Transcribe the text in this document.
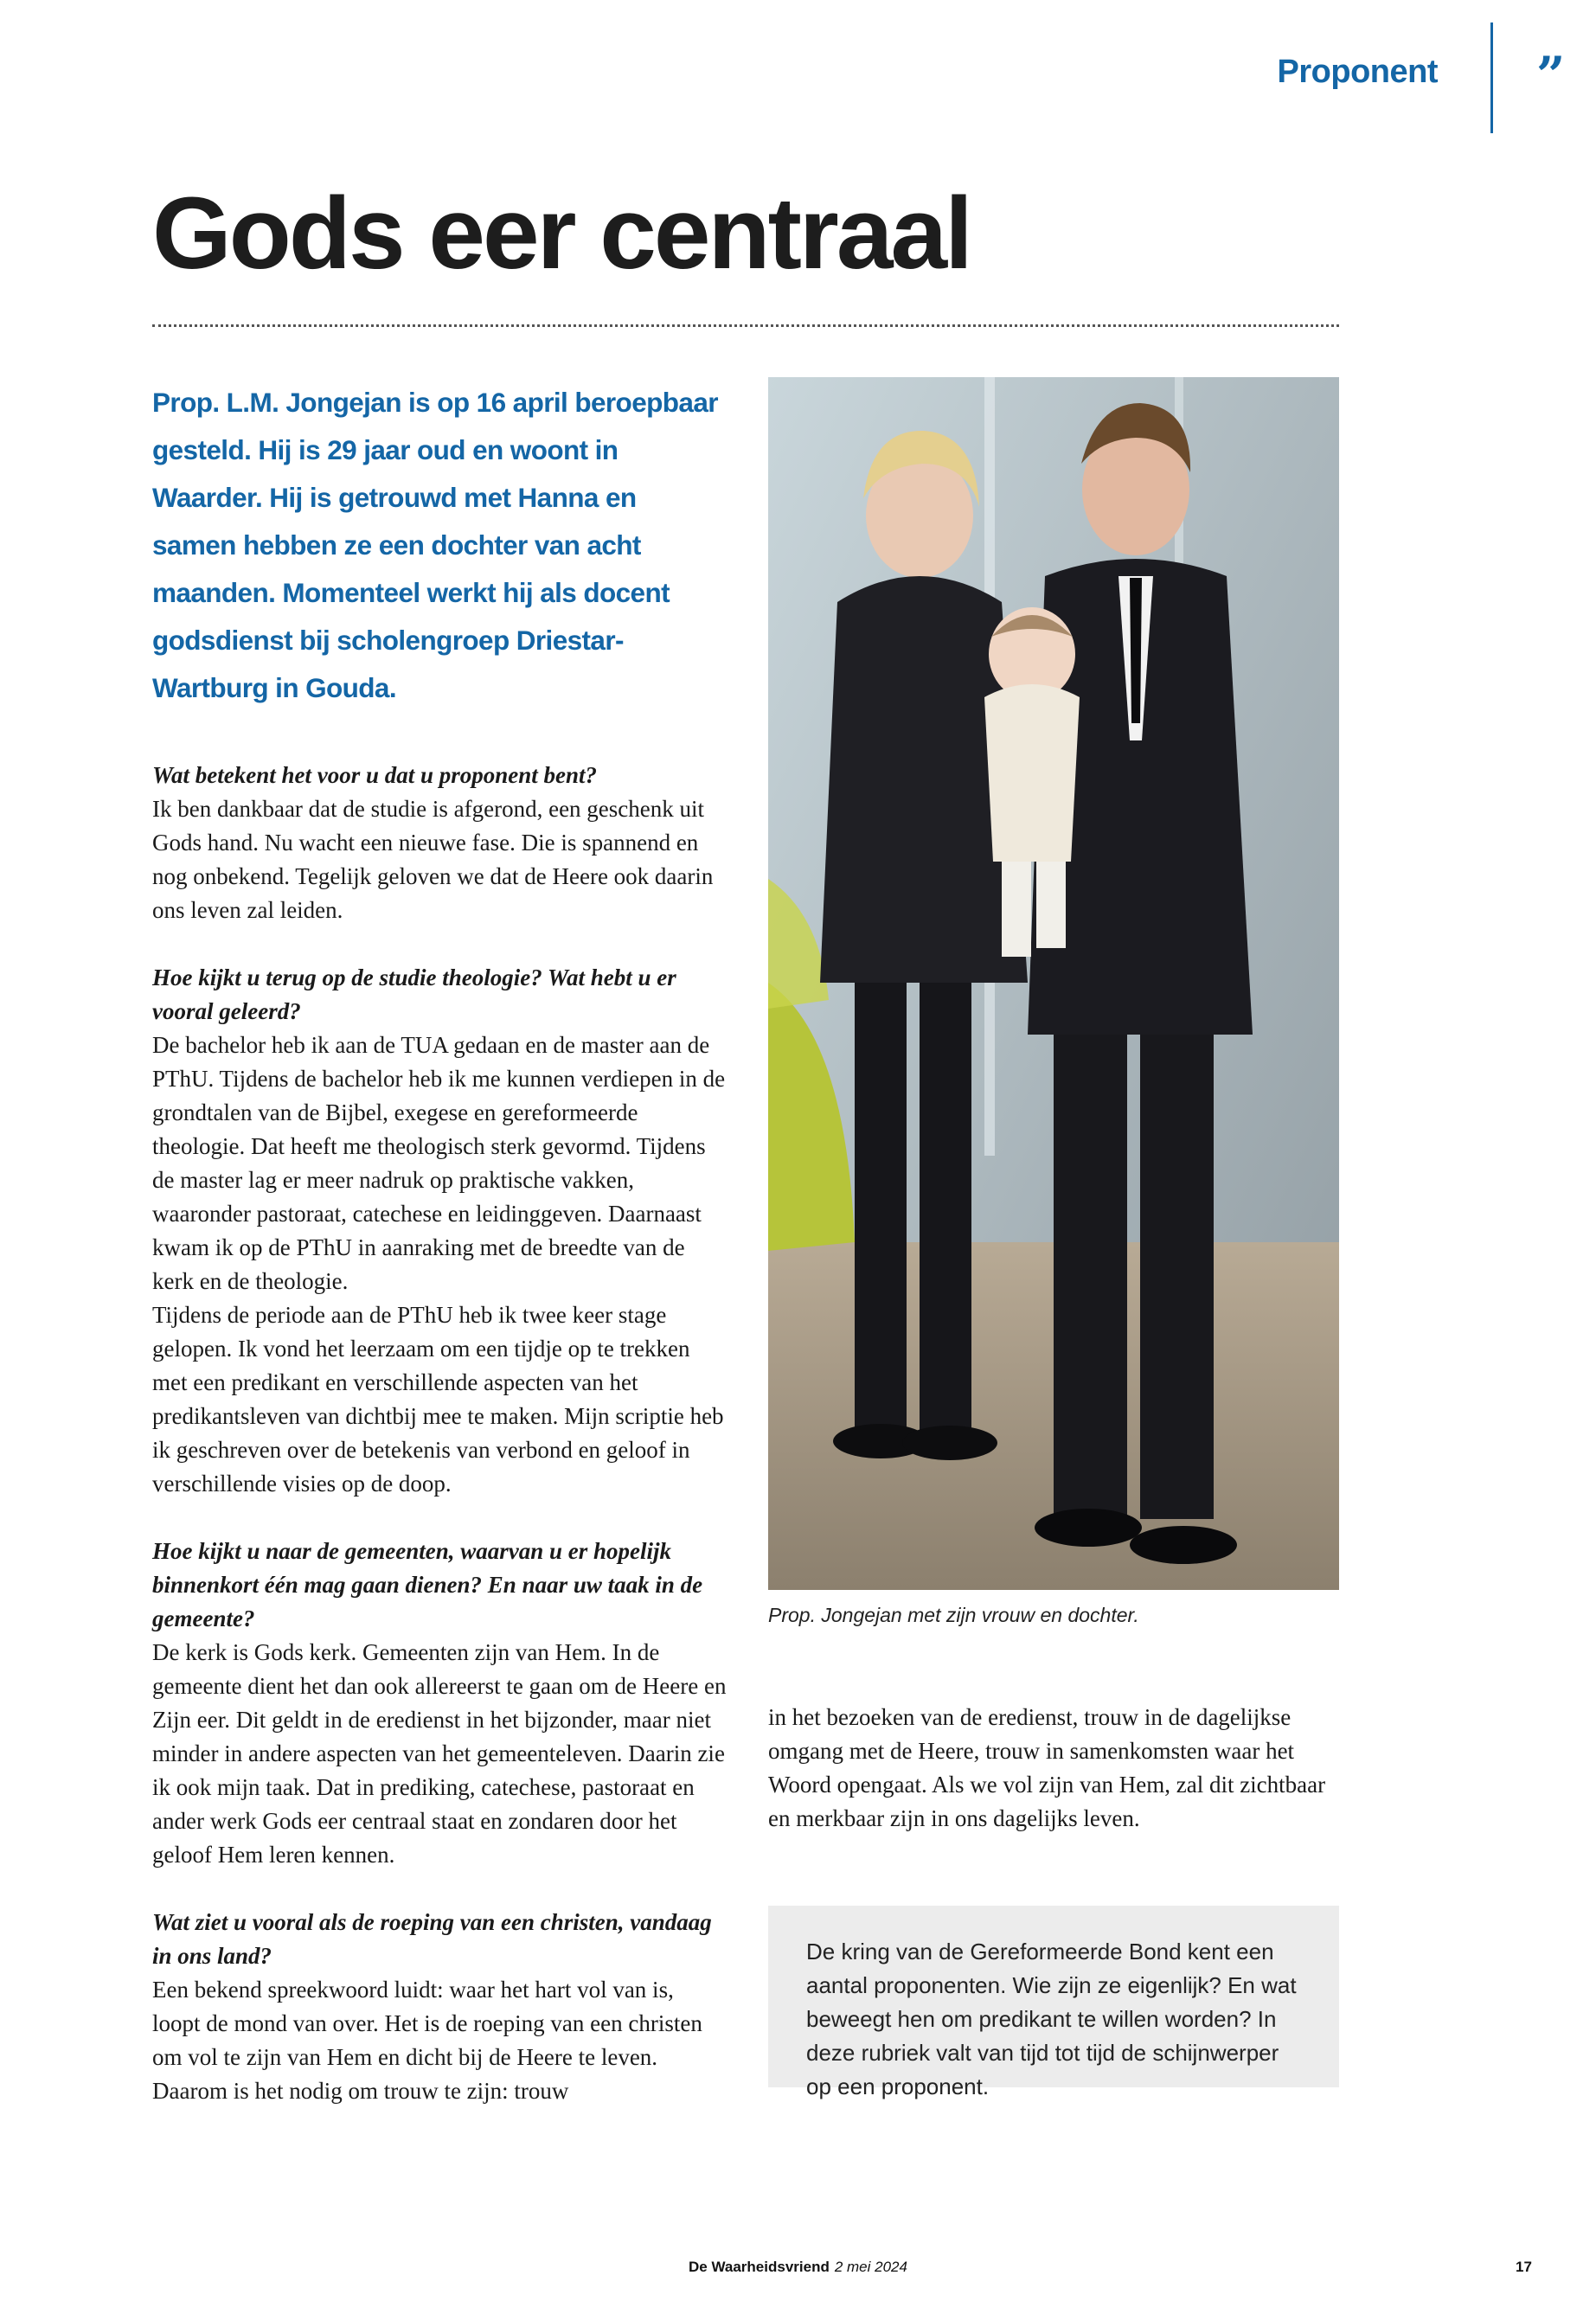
Proponent ”
Gods eer centraal

Prop. L.M. Jongejan is op 16 april beroepbaar gesteld. Hij is 29 jaar oud en woont in Waarder. Hij is getrouwd met Hanna en samen hebben ze een dochter van acht maanden. Momenteel werkt hij als docent godsdienst bij scholengroep Driestar-Wartburg in Gouda.

Wat betekent het voor u dat u proponent bent?

Ik ben dankbaar dat de studie is afgerond, een geschenk uit Gods hand. Nu wacht een nieuwe fase. Die is spannend en nog onbekend. Tegelijk geloven we dat de Heere ook daarin ons leven zal leiden.

Hoe kijkt u terug op de studie theologie? Wat hebt u er vooral geleerd?

De bachelor heb ik aan de TUA gedaan en de master aan de PThU. Tijdens de bachelor heb ik me kunnen verdiepen in de grondtalen van de Bijbel, exegese en gereformeerde theologie. Dat heeft me theologisch sterk gevormd. Tijdens de master lag er meer nadruk op praktische vakken, waaronder pastoraat, catechese en leidinggeven. Daarnaast kwam ik op de PThU in aanraking met de breedte van de kerk en de theologie.

Tijdens de periode aan de PThU heb ik twee keer stage gelopen. Ik vond het leerzaam om een tijdje op te trekken met een predikant en verschillende aspecten van het predikantsleven van dichtbij mee te maken. Mijn scriptie heb ik geschreven over de betekenis van verbond en geloof in verschillende visies op de doop.

Hoe kijkt u naar de gemeenten, waarvan u er hopelijk binnenkort één mag gaan dienen? En naar uw taak in de gemeente?

De kerk is Gods kerk. Gemeenten zijn van Hem. In de gemeente dient het dan ook allereerst te gaan om de Heere en Zijn eer. Dit geldt in de eredienst in het bijzonder, maar niet minder in andere aspecten van het gemeenteleven. Daarin zie ik ook mijn taak. Dat in prediking, catechese, pastoraat en ander werk Gods eer centraal staat en zondaren door het geloof Hem leren kennen.

Wat ziet u vooral als de roeping van een christen, vandaag in ons land?

Een bekend spreekwoord luidt: waar het hart vol van is, loopt de mond van over. Het is de roeping van een christen om vol te zijn van Hem en dicht bij de Heere te leven. Daarom is het nodig om trouw te zijn: trouw

Prop. Jongejan met zijn vrouw en dochter.

in het bezoeken van de eredienst, trouw in de dagelijkse omgang met de Heere, trouw in samenkomsten waar het Woord opengaat. Als we vol zijn van Hem, zal dit zichtbaar en merkbaar zijn in ons dagelijks leven.

De kring van de Gereformeerde Bond kent een aantal proponenten. Wie zijn ze eigenlijk? En wat beweegt hen om predikant te willen worden? In deze rubriek valt van tijd tot tijd de schijnwerper op een proponent.

De Waarheidsvriend 2 mei 2024	17
